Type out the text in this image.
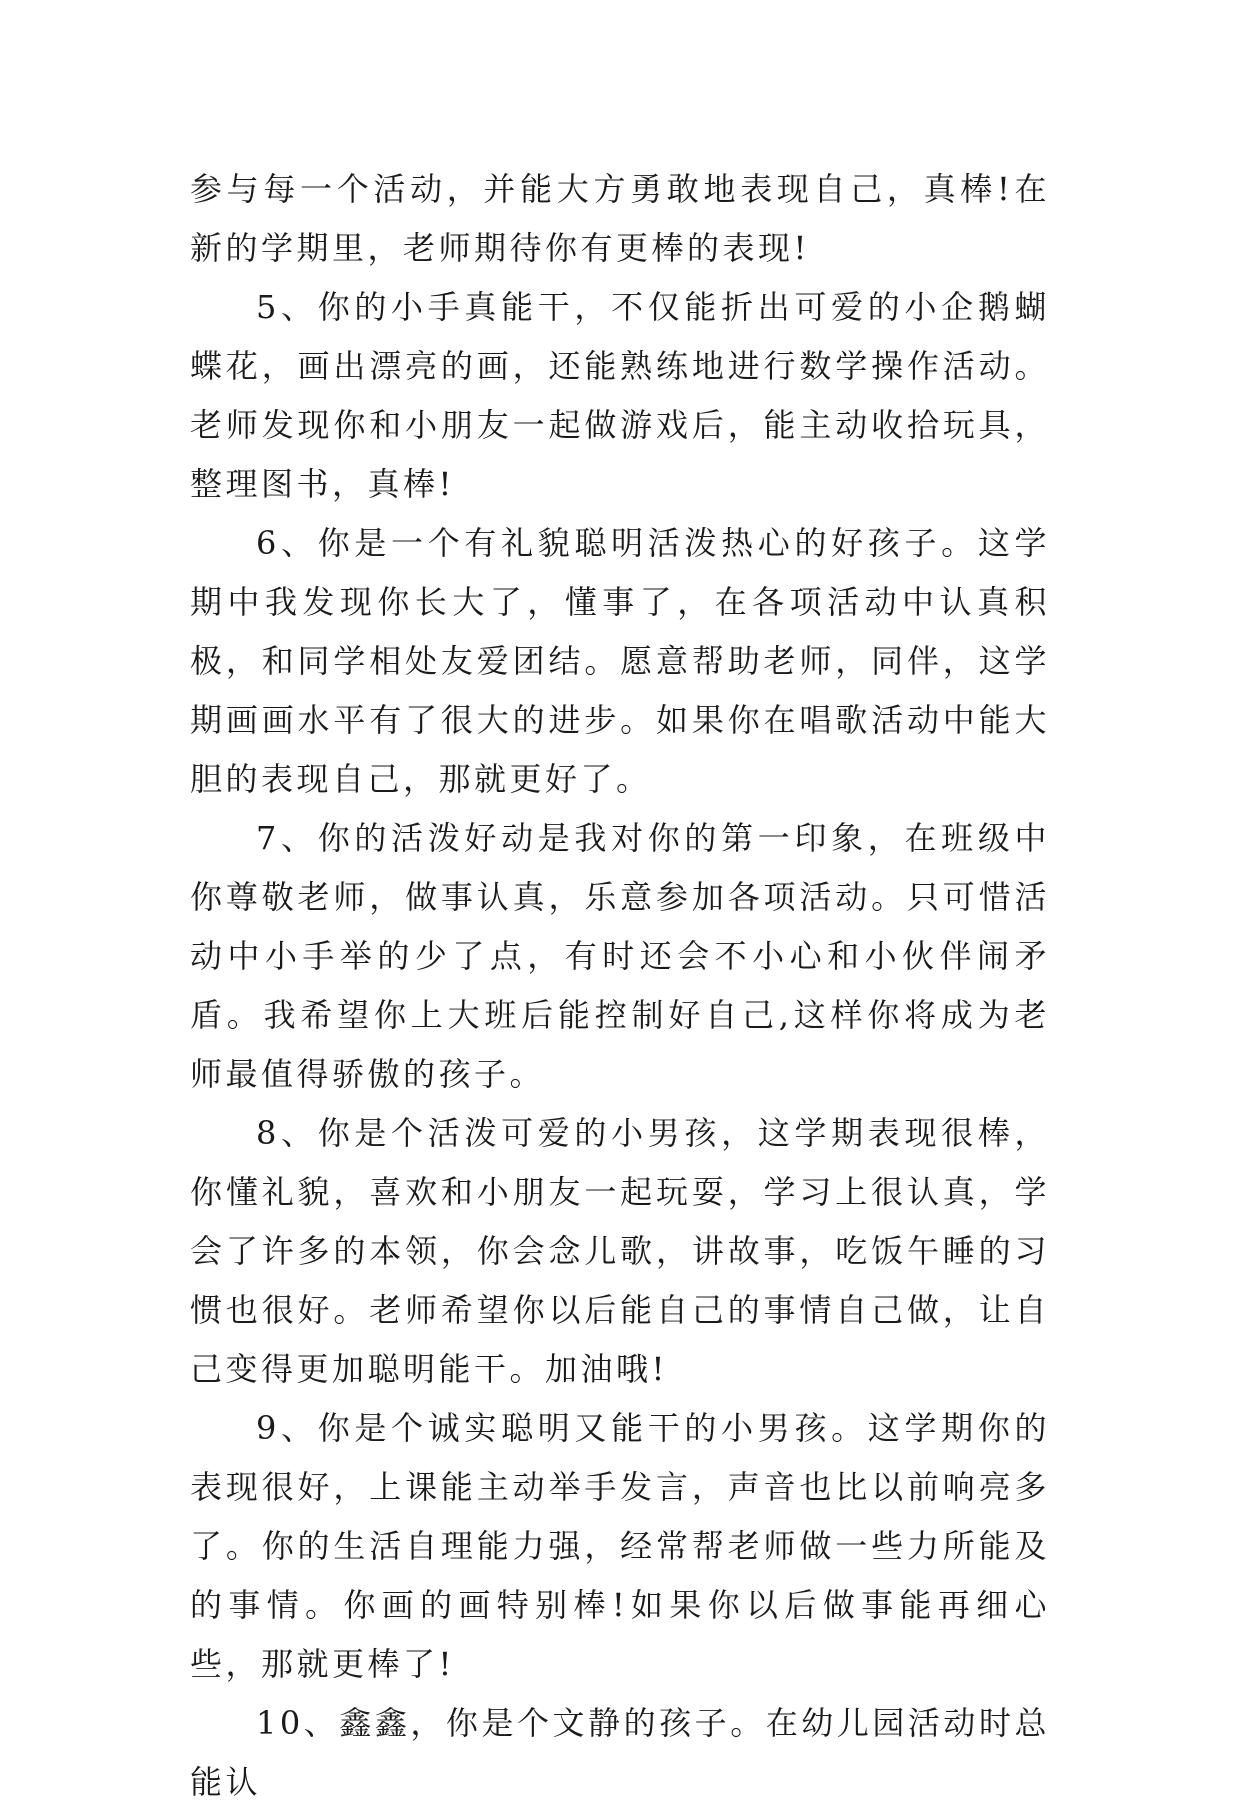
参与每一个活动，并能大方勇敢地表现自己，真棒!在新的学期里，老师期待你有更棒的表现!

5、你的小手真能干，不仅能折出可爱的小企鹅蝴蝶花，画出漂亮的画，还能熟练地进行数学操作活动。老师发现你和小朋友一起做游戏后，能主动收拾玩具，整理图书，真棒!

6、你是一个有礼貌聪明活泼热心的好孩子。这学期中我发现你长大了，懂事了，在各项活动中认真积极，和同学相处友爱团结。愿意帮助老师，同伴，这学期画画水平有了很大的进步。如果你在唱歌活动中能大胆的表现自己，那就更好了。

7、你的活泼好动是我对你的第一印象，在班级中你尊敬老师，做事认真，乐意参加各项活动。只可惜活动中小手举的少了点，有时还会不小心和小伙伴闹矛盾。我希望你上大班后能控制好自己,这样你将成为老师最值得骄傲的孩子。

8、你是个活泼可爱的小男孩，这学期表现很棒，你懂礼貌，喜欢和小朋友一起玩耍，学习上很认真，学会了许多的本领，你会念儿歌，讲故事，吃饭午睡的习惯也很好。老师希望你以后能自己的事情自己做，让自己变得更加聪明能干。加油哦!

9、你是个诚实聪明又能干的小男孩。这学期你的表现很好，上课能主动举手发言，声音也比以前响亮多了。你的生活自理能力强，经常帮老师做一些力所能及的事情。你画的画特别棒!如果你以后做事能再细心些，那就更棒了!

10、鑫鑫，你是个文静的孩子。在幼儿园活动时总能认
